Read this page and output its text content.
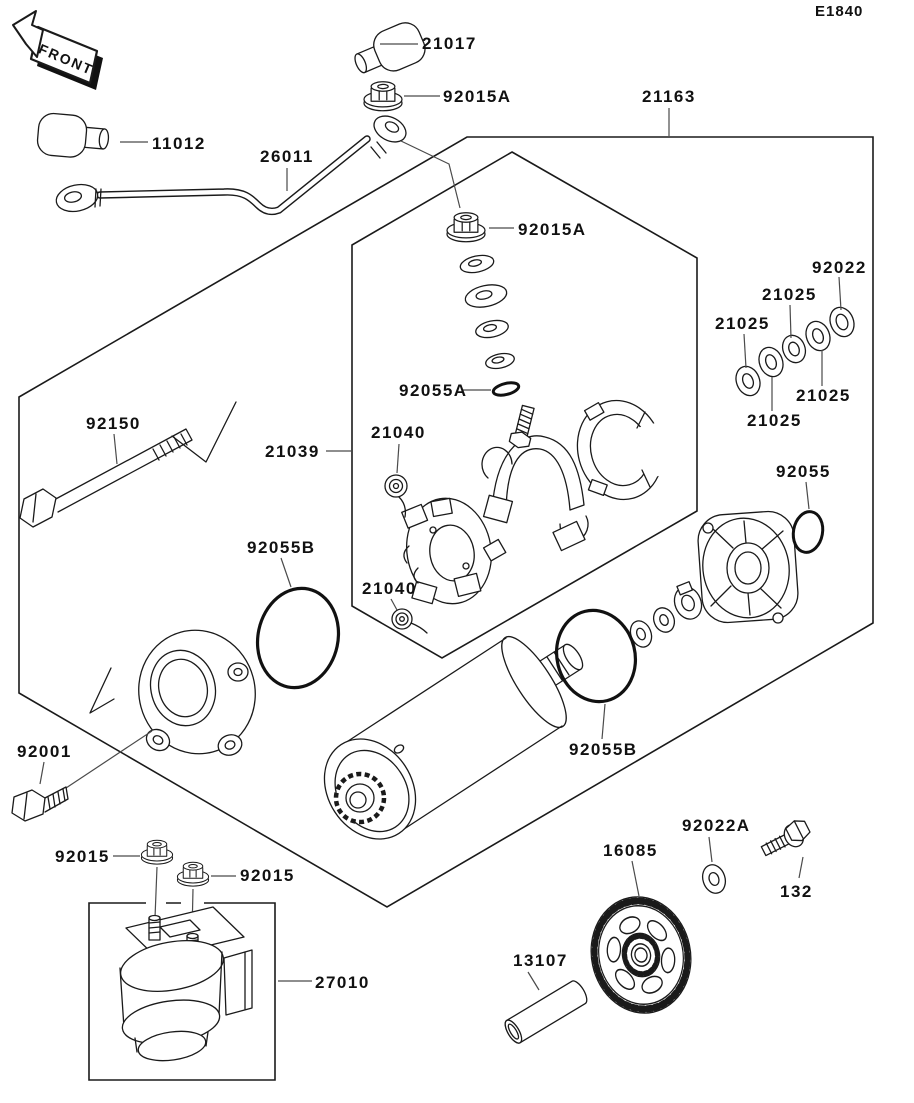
FRONT
E1840
21017
92015A
11012
26011
21163
92015A
92022
21025
21025
21025
21025
92055A
92150
21039
21040
21040
92055
92055B
92055B
92001
92015
92015
27010
16085
92022A
132
13107
